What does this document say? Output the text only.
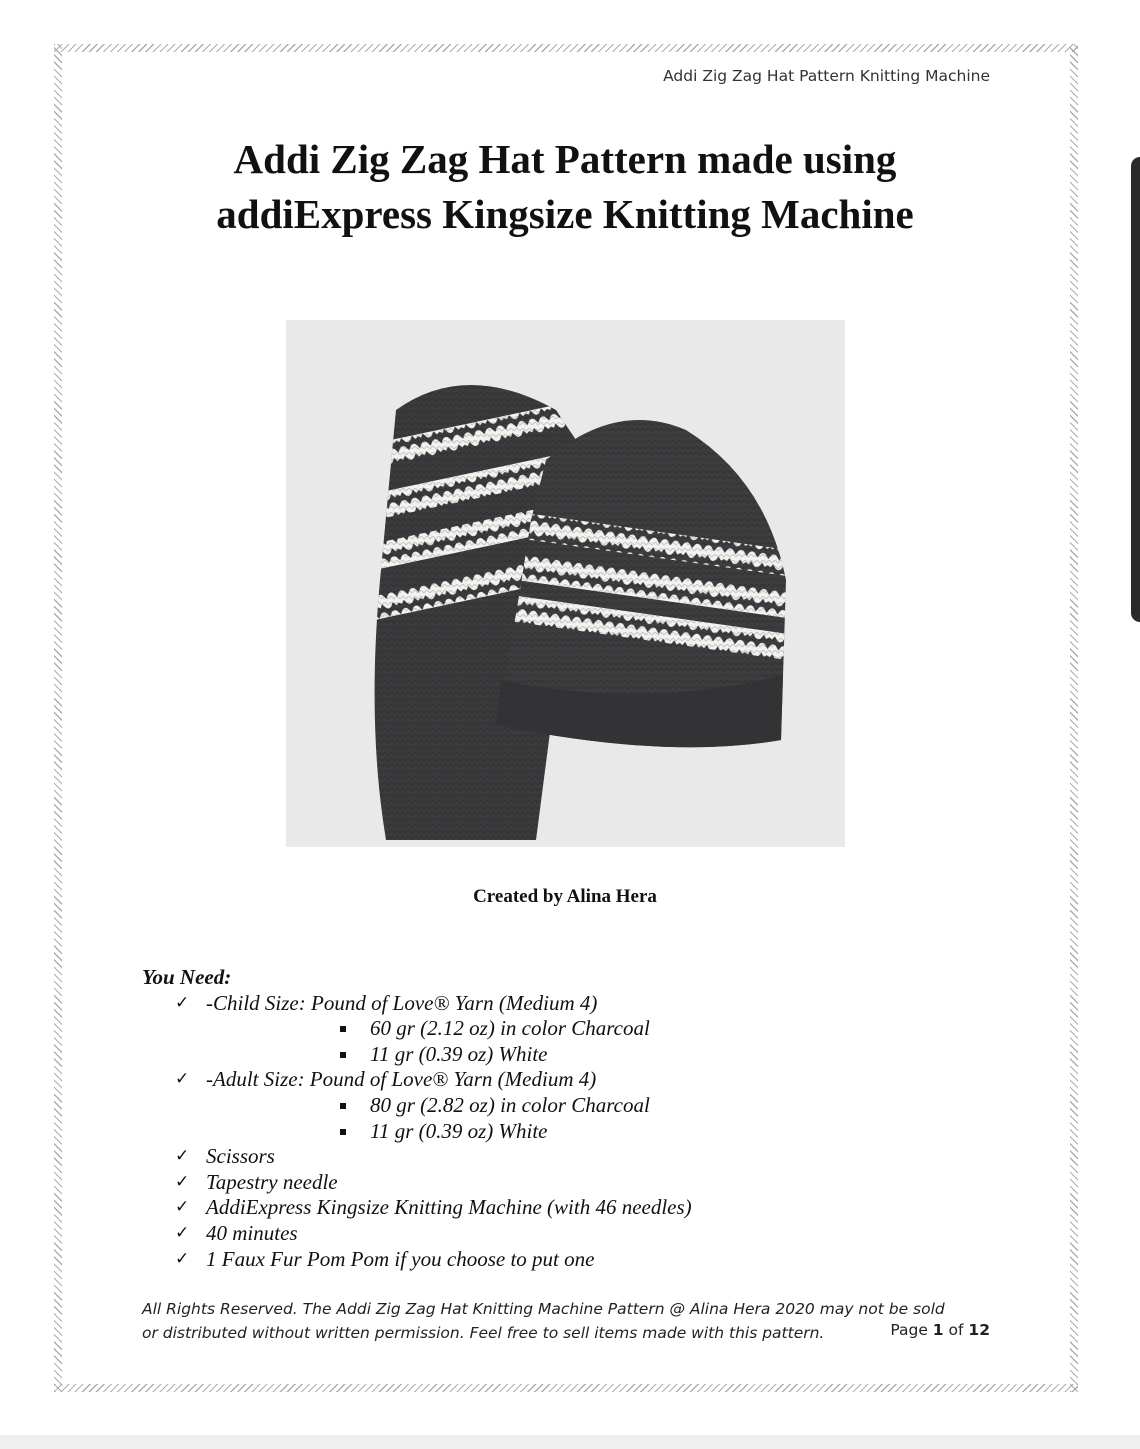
Addi Zig Zag Hat Pattern Knitting Machine
Addi Zig Zag Hat Pattern made using
addiExpress Kingsize Knitting Machine
Created by Alina Hera
You Need:
✓ -Child Size: Pound of Love® Yarn (Medium 4)
60 gr (2.12 oz) in color Charcoal
11 gr (0.39 oz) White
✓ -Adult Size: Pound of Love® Yarn (Medium 4)
80 gr (2.82 oz) in color Charcoal
11 gr (0.39 oz) White
✓ Scissors
✓ Tapestry needle
✓ AddiExpress Kingsize Knitting Machine (with 46 needles)
✓ 40 minutes
✓ 1 Faux Fur Pom Pom if you choose to put one
All Rights Reserved. The Addi Zig Zag Hat Knitting Machine Pattern @ Alina Hera 2020 may not be sold
or distributed without written permission. Feel free to sell items made with this pattern.	Page 1 of 12
